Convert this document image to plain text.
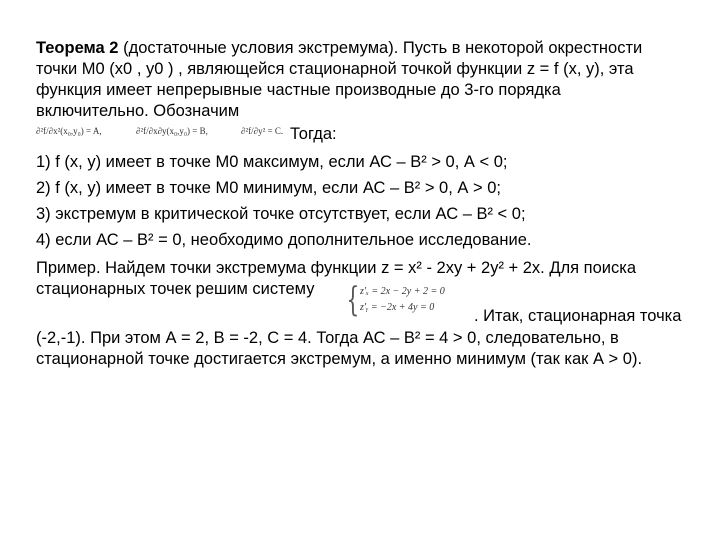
Теорема 2 (достаточные условия экстремума). Пусть в некоторой окрестности
точки М0 (х0 , у0 ) , являющейся стационарной точкой функции z = f (x, y), эта
функция имеет непрерывные частные производные до 3-го порядка
включительно. Обозначим
∂²f/∂x²(x₀,y₀) = A,	∂²f/∂x∂y(x₀,y₀) = B,	∂²f/∂y² = C. Тогда:
1) f (x, y) имеет в точке М0 максимум, если АС – В² > 0, А < 0;
2) f (x, y) имеет в точке М0 минимум, если АС – В² > 0, А > 0;
3) экстремум в критической точке отсутствует, если АС – В² < 0;
4) если АС – В² = 0, необходимо дополнительное исследование.
Пример. Найдем точки экстремума функции z = x² - 2xy + 2y² + 2x. Для поиска
стационарных точек решим систему { z'ₓ = 2x − 2y + 2 = 0
z'ᵧ = −2x + 4y = 0 . Итак, стационарная точка
(-2,-1). При этом А = 2, В = -2, С = 4. Тогда АС – В² = 4 > 0, следовательно, в
стационарной точке достигается экстремум, а именно минимум (так как А > 0).
